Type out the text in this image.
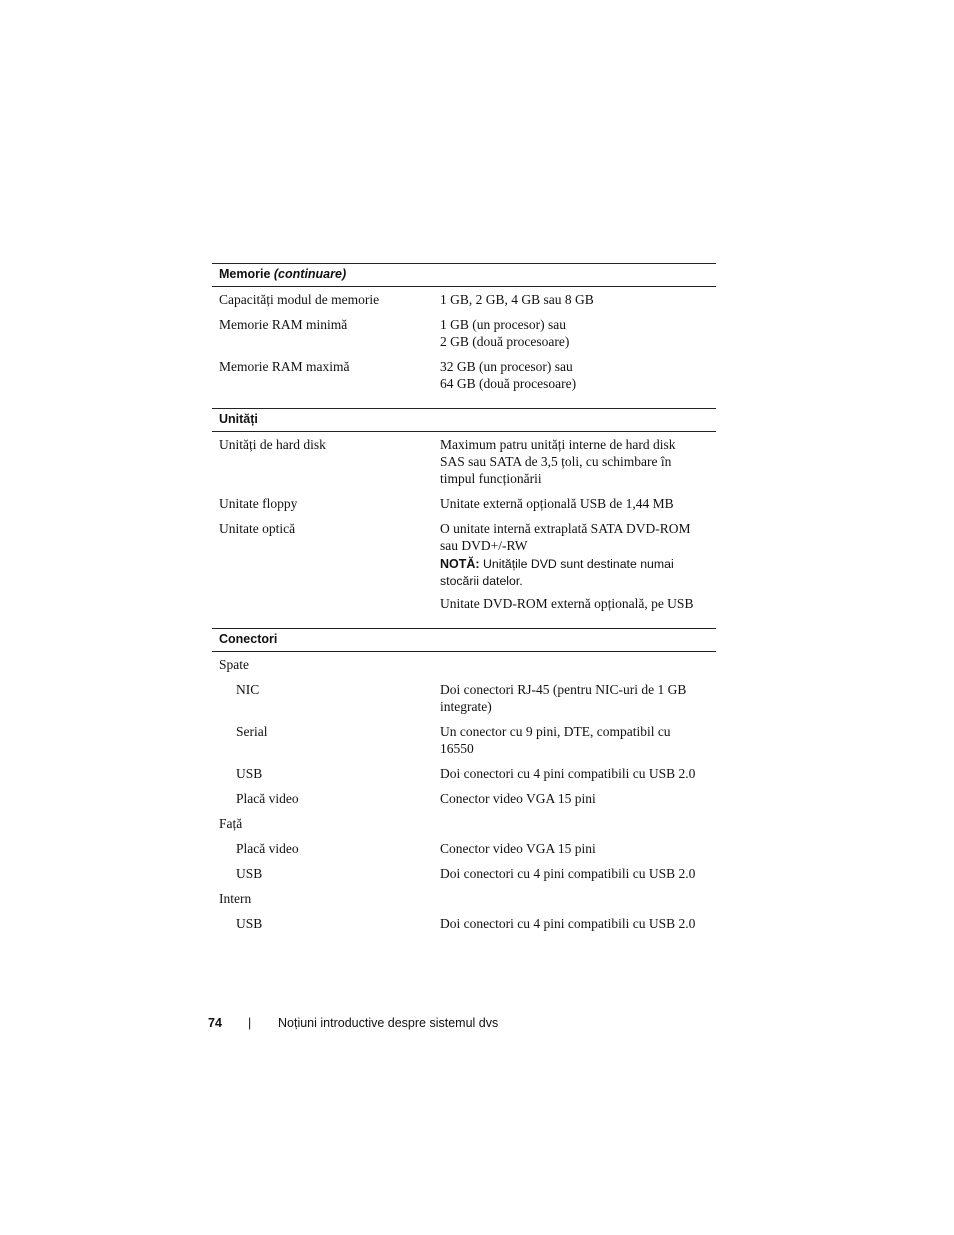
Memorie (continuare)
Capacități modul de memorie	1 GB, 2 GB, 4 GB sau 8 GB
Memorie RAM minimă	1 GB (un procesor) sau
2 GB (două procesoare)
Memorie RAM maximă	32 GB (un procesor) sau
64 GB (două procesoare)
Unități
Unități de hard disk	Maximum patru unități interne de hard disk
SAS sau SATA de 3,5 țoli, cu schimbare în
timpul funcționării
Unitate floppy	Unitate externă opțională USB de 1,44 MB
Unitate optică	O unitate internă extraplată SATA DVD-ROM
sau DVD+/-RW
NOTĂ: Unitățile DVD sunt destinate numai
stocării datelor.
Unitate DVD-ROM externă opțională, pe USB
Conectori
Spate
NIC	Doi conectori RJ-45 (pentru NIC-uri de 1 GB
integrate)
Serial	Un conector cu 9 pini, DTE, compatibil cu
16550
USB	Doi conectori cu 4 pini compatibili cu USB 2.0
Placă video	Conector video VGA 15 pini
Față
Placă video	Conector video VGA 15 pini
USB	Doi conectori cu 4 pini compatibili cu USB 2.0
Intern
USB	Doi conectori cu 4 pini compatibili cu USB 2.0
74 | Noțiuni introductive despre sistemul dvs
